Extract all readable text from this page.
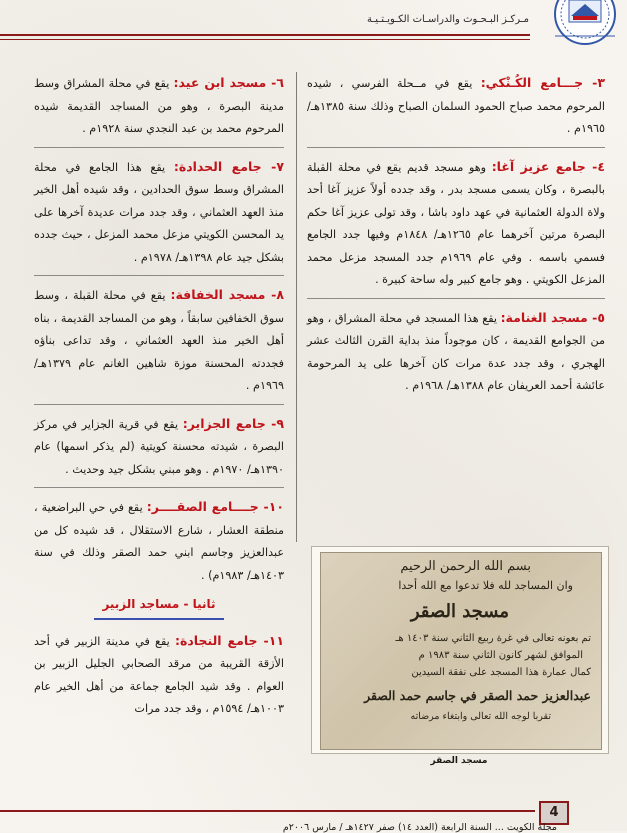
مـركـز البـحـوث والدراسـات الكـويـتـيـة
٣- جـــامع الكُـنْكي: يقع في مــحلة الفرسي ، شيده المرحوم محمد صباح الحمود السلمان الصباح وذلك سنة ١٣٨٥هـ/ ١٩٦٥م .
٤- جامع عزيز آغا: وهو مسجد قديم يقع في محلة القبلة بالبصرة ، وكان يسمى مسجد بدر ، وقد جدده أولاً عزيز آغا أحد ولاة الدولة العثمانية في عهد داود باشا ، وقد تولى عزيز آغا حكم البصرة مرتين آخرهما عام ١٢٦٥هـ/ ١٨٤٨م وفيها جدد الجامع فسمي باسمه . وفي عام ١٩٦٩م جدد المسجد مزعل محمد المزعل الكويتي . وهو جامع كبير وله ساحة كبيرة .
٥- مسجد الغنامة: يقع هذا المسجد في محلة المشراق ، وهو من الجوامع القديمة ، كان موجوداً منذ بداية القرن الثالث عشر الهجري ، وقد جدد عدة مرات كان آخرها على يد المرحومة عائشة أحمد العريفان عام ١٣٨٨هـ/ ١٩٦٨م .
٦- مسجد ابن عيد: يقع في محلة المشراق وسط مدينة البصرة ، وهو من المساجد القديمة شيده المرحوم محمد بن عبد النجدي سنة ١٩٢٨م .
٧- جامع الحدادة: يقع هذا الجامع في محلة المشراق وسط سوق الحدادين ، وقد شيده أهل الخير منذ العهد العثماني ، وقد جدد مرات عديدة آخرها على يد المحسن الكويتي مزعل محمد المزعل ، حيث جدده بشكل جيد عام ١٣٩٨هـ/ ١٩٧٨م .
٨- مسجد الخفافة: يقع في محلة القبلة ، وسط سوق الخفافين سابقاً ، وهو من المساجد القديمة ، بناه أهل الخير منذ العهد العثماني ، وقد تداعى بناؤه فجددته المحسنة موزة شاهين الغانم عام ١٣٧٩هـ/ ١٩٦٩م .
٩- جامع الجزاير: يقع في قرية الجزاير في مركز البصرة ، شيدته محسنة كويتية (لم يذكر اسمها) عام ١٣٩٠هـ/ ١٩٧٠م . وهو مبني بشكل جيد وحديث .
١٠- جــــامع الصقــــر: يقع في حي البراضعية ، منطقة العشار ، شارع الاستقلال ، قد شيده كل من عبدالعزيز وجاسم ابني حمد الصقر وذلك في سنة ١٤٠٣هـ/ ١٩٨٣م) .
ثانيا - مساجد الزبير
١١- جامع النجادة: يقع في مدينة الزبير في أحد الأزقة القريبة من مرقد الصحابي الجليل الزبير بن العوام . وقد شيد الجامع جماعة من أهل الخير عام ١٠٠٣هـ/ ١٥٩٤م ، وقد جدد مرات
بسم الله الرحمن الرحيم
وان المساجد لله فلا تدعوا مع الله أحدا
مسجد الصقر
تم بعونه تعالى في غرة ربيع الثاني سنة ١٤٠٣ هـ
الموافق لشهر كانون الثاني سنة ١٩٨٣ م
كمال عمارة هذا المسجد على نفقة السيدين
عبدالعزيز حمد الصقر في جاسم حمد الصقر
تقربا لوجه الله تعالى وابتغاء مرضاته
مسجد الصقر
4
مجلة الكويت ... السنة الرابعة (العدد ١٤) صفر ١٤٢٧هـ / مارس ٢٠٠٦م
